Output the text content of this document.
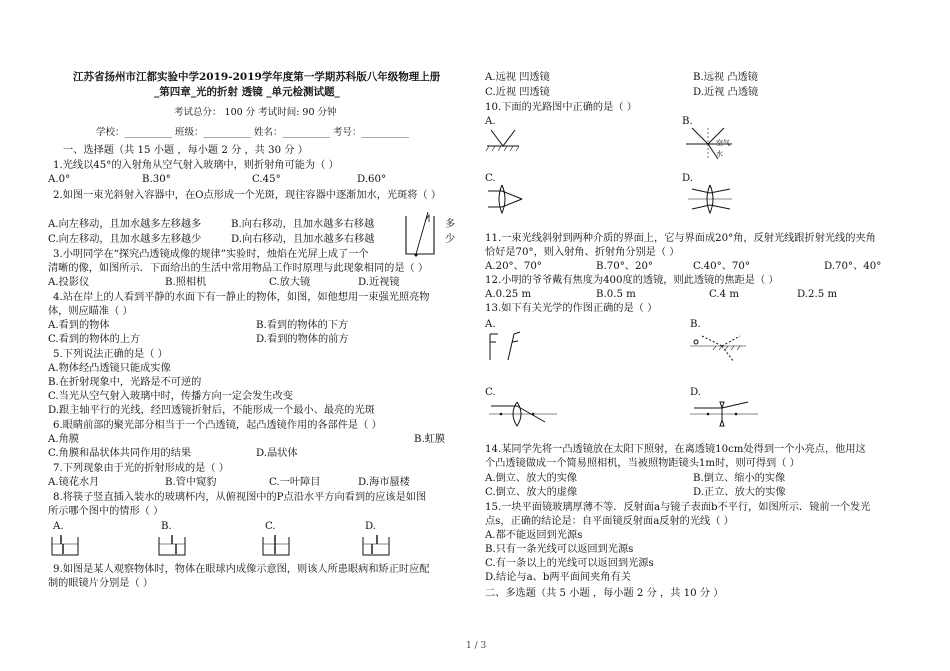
江苏省扬州市江都实验中学2019-2019学年度第一学期苏科版八年级物理上册
_第四章_光的折射 透镜 _单元检测试题_
考试总分： 100 分 考试时间: 90 分钟
学校：__________ 班级：__________ 姓名：__________ 考号：__________
一、选择题（共 15 小题 ，每小题 2 分 ，共 30 分 ）
1.光线以45°的入射角从空气射入玻璃中，则折射角可能为（ ）
A.0°	B.30°	C.45°	D.60°
2.如图一束光斜射入容器中，在O点形成一个光斑，现往容器中逐渐加水，光斑将（ ）
A.向左移动，且加水越多左移越多	B.向右移动，且加水越多右移越	多
C.向左移动，且加水越多左移越少	D.向右移动，且加水越多右移越	少
3.小明同学在“探究凸透镜成像的规律”实验时，烛焰在光屏上成了一个
清晰的像，如图所示．下面给出的生活中常用物品工作时原理与此现象相同的是（ ）
A.投影仪	B.照相机	C.放大镜	D.近视镜
4.站在岸上的人看到平静的水面下有一静止的物体，如图，如他想用一束强光照亮物
体，则应瞄准（ ）
A.看到的物体	B.看到的物体的下方
C.看到的物体的上方	D.看到的物体的前方
5.下列说法正确的是（ ）
A.物体经凸透镜只能成实像
B.在折射现象中，光路是不可逆的
C.当光从空气射入玻璃中时，传播方向一定会发生改变
D.跟主轴平行的光线，经凹透镜折射后，不能形成一个最小、最亮的光斑
6.眼睛前部的聚光部分相当于一个凸透镜，起凸透镜作用的各部件是（ ）
A.角膜	B.虹膜
C.角膜和晶状体共同作用的结果	D.晶状体
7.下列现象由于光的折射形成的是（ ）
A.镜花水月	B.管中窥豹	C.一叶障目	D.海市蜃楼
8.将筷子竖直插入装水的玻璃杯内，从俯视图中的P点沿水平方向看到的应该是如图
所示哪个图中的情形（ ）
A.	B.	C.	D.
9.如图是某人观察物体时，物体在眼球内成像示意图，则该人所患眼病和矫正时应配
制的眼镜片分别是（ ）
A.远视 凹透镜	B.远视 凸透镜
C.近视 凹透镜	D.近视 凸透镜
10.下面的光路图中正确的是（ ）
A.	B.
空气
水
C.	D.
11.一束光线斜射到两种介质的界面上，它与界面成20°角，反射光线跟折射光线的夹角
恰好是70°，则入射角、折射角分别是（ ）
A.20°、70°	B.70°、20°	C.40°、70°	D.70°、40°
12.小明的爷爷戴有焦度为400度的透镜，则此透镜的焦距是（ ）
A.0.25 m	B.0.5 m	C.4 m	D.2.5 m
13.如下有关光学的作图正确的是（ ）
A.	B.
C.	D.
14.某同学先将一凸透镜放在太阳下照射，在离透镜10cm处得到一个小亮点，他用这
个凸透镜做成一个简易照相机，当被照物距镜头1m时，则可得到（ ）
A.倒立、放大的实像	B.倒立、缩小的实像
C.倒立、放大的虚像	D.正立、放大的实像
15.一块平面镜玻璃厚薄不等．反射面a与镜子表面b不平行，如图所示．镜前一个发光
点s，正确的结论是：自平面镜反射面a反射的光线（ ）
A.都不能返回到光源s
B.只有一条光线可以返回到光源s
C.有一条以上的光线可以返回到光源s
D.结论与a、b两平面间夹角有关
二、多选题（共 5 小题 ，每小题 2 分 ，共 10 分 ）
1 / 3
